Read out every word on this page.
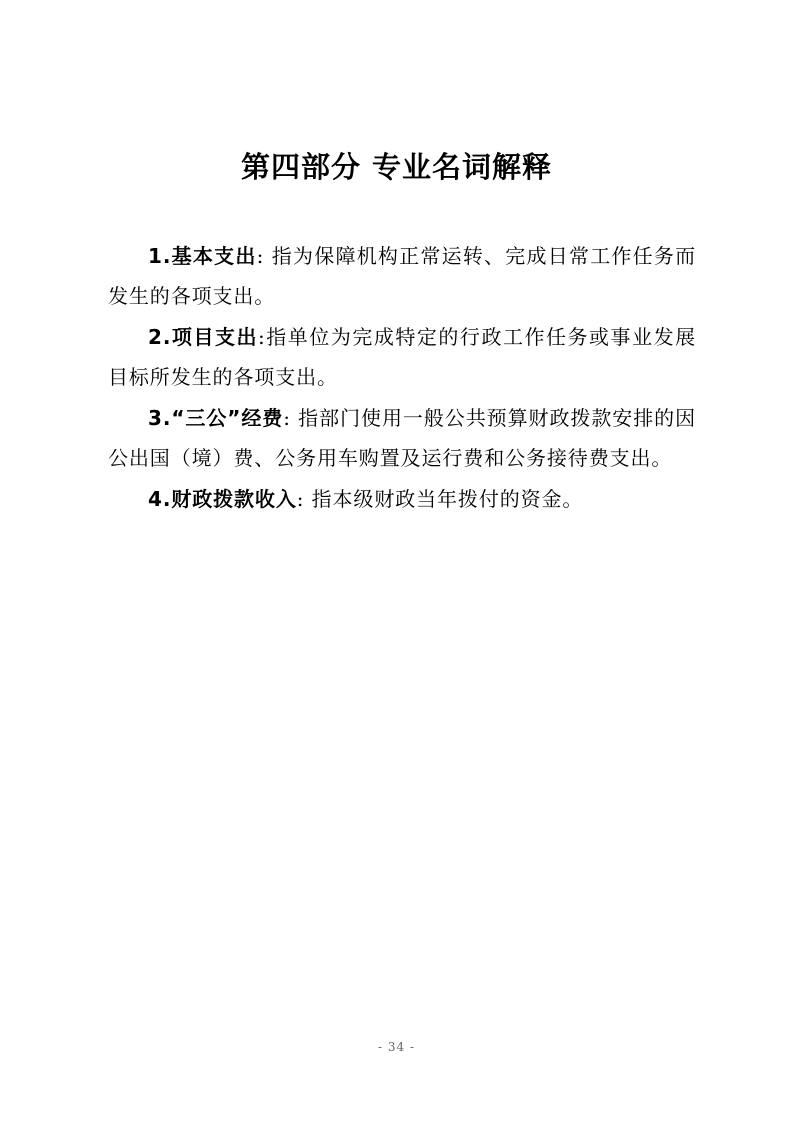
第四部分 专业名词解释

1.基本支出: 指为保障机构正常运转、完成日常工作任务而发生的各项支出。

2.项目支出:指单位为完成特定的行政工作任务或事业发展目标所发生的各项支出。

3.“三公”经费: 指部门使用一般公共预算财政拨款安排的因公出国（境）费、公务用车购置及运行费和公务接待费支出。

4.财政拨款收入: 指本级财政当年拨付的资金。

- 34 -
